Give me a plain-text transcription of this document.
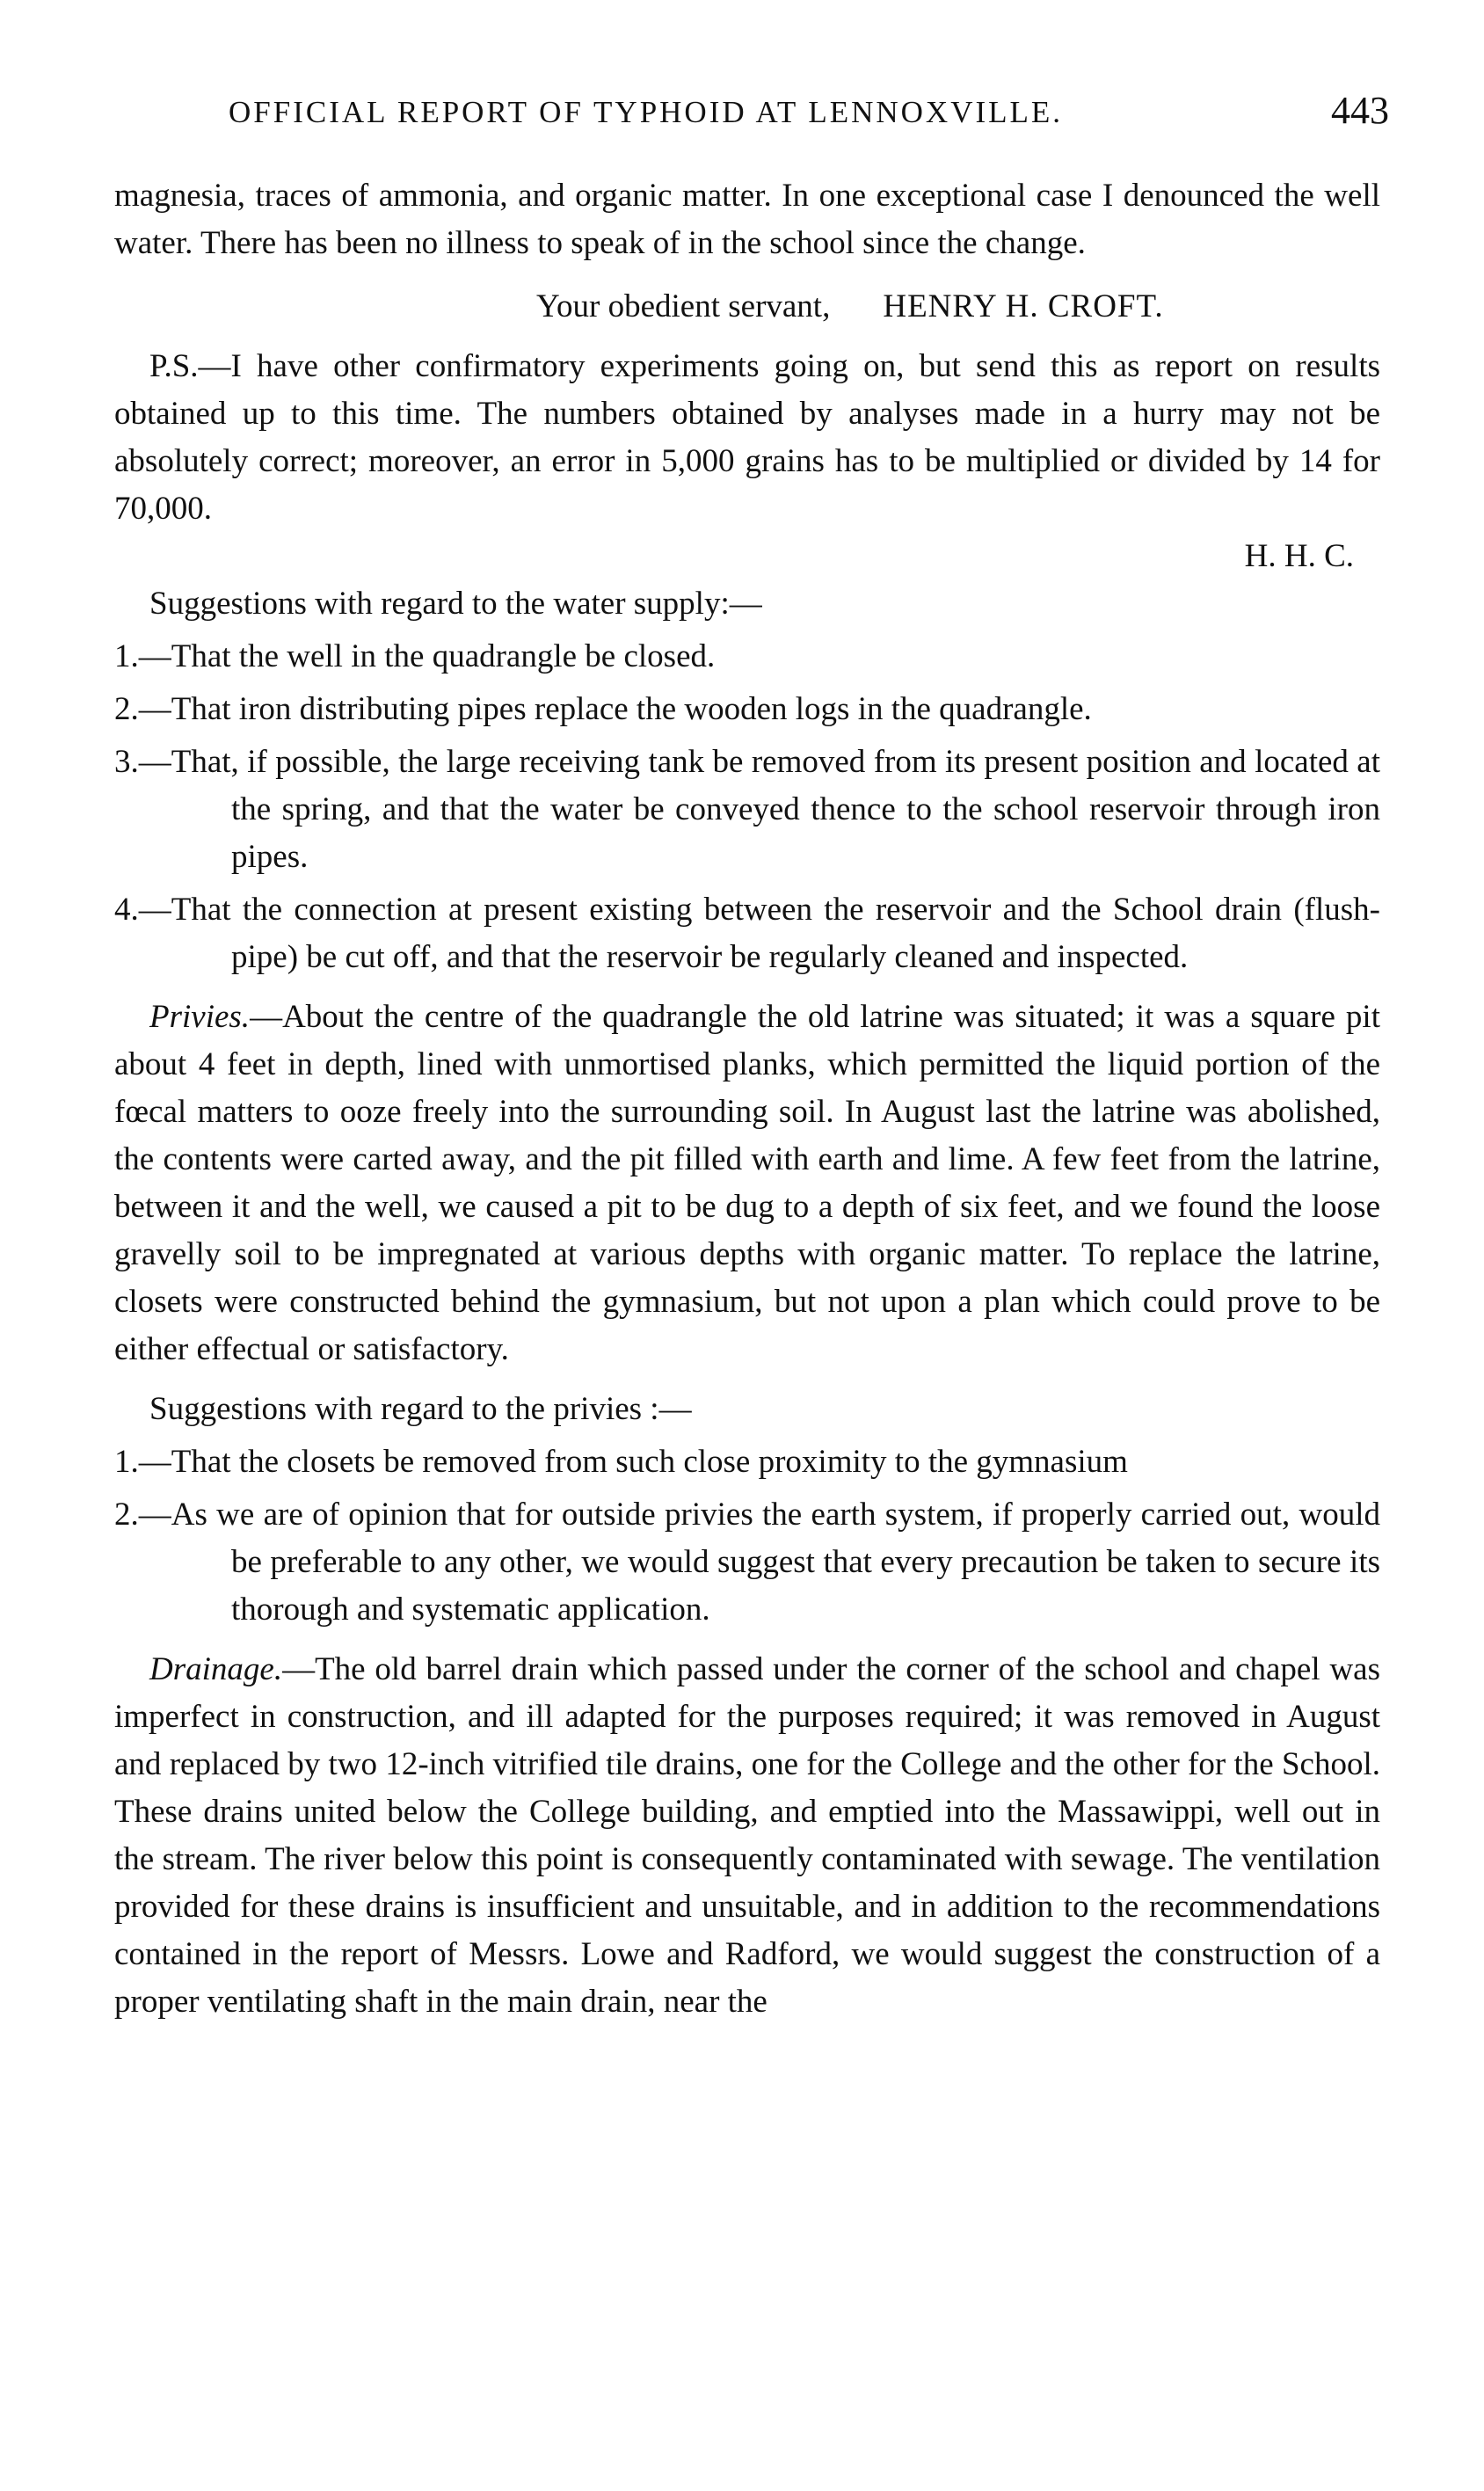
OFFICIAL REPORT OF TYPHOID AT LENNOXVILLE.	443

magnesia, traces of ammonia, and organic matter. In one exceptional case I denounced the well water. There has been no illness to speak of in the school since the change.

Your obedient servant, HENRY H. CROFT.

P.S.—I have other confirmatory experiments going on, but send this as report on results obtained up to this time. The numbers obtained by analyses made in a hurry may not be absolutely correct; moreover, an error in 5,000 grains has to be multiplied or divided by 14 for 70,000.

H. H. C.

Suggestions with regard to the water supply:—

1.—That the well in the quadrangle be closed.
2.—That iron distributing pipes replace the wooden logs in the quadrangle.
3.—That, if possible, the large receiving tank be removed from its present position and located at the spring, and that the water be conveyed thence to the school reservoir through iron pipes.
4.—That the connection at present existing between the reservoir and the School drain (flush-pipe) be cut off, and that the reservoir be regularly cleaned and inspected.

Privies.—About the centre of the quadrangle the old latrine was situated; it was a square pit about 4 feet in depth, lined with unmortised planks, which permitted the liquid portion of the fœcal matters to ooze freely into the surrounding soil. In August last the latrine was abolished, the contents were carted away, and the pit filled with earth and lime. A few feet from the latrine, between it and the well, we caused a pit to be dug to a depth of six feet, and we found the loose gravelly soil to be impregnated at various depths with organic matter. To replace the latrine, closets were constructed behind the gymnasium, but not upon a plan which could prove to be either effectual or satisfactory.

Suggestions with regard to the privies :—

1.—That the closets be removed from such close proximity to the gymnasium
2.—As we are of opinion that for outside privies the earth system, if properly carried out, would be preferable to any other, we would suggest that every precaution be taken to secure its thorough and systematic application.

Drainage.—The old barrel drain which passed under the corner of the school and chapel was imperfect in construction, and ill adapted for the purposes required; it was removed in August and replaced by two 12-inch vitrified tile drains, one for the College and the other for the School. These drains united below the College building, and emptied into the Massawippi, well out in the stream. The river below this point is consequently contaminated with sewage. The ventilation provided for these drains is insufficient and unsuitable, and in addition to the recommendations contained in the report of Messrs. Lowe and Radford, we would suggest the construction of a proper ventilating shaft in the main drain, near the
